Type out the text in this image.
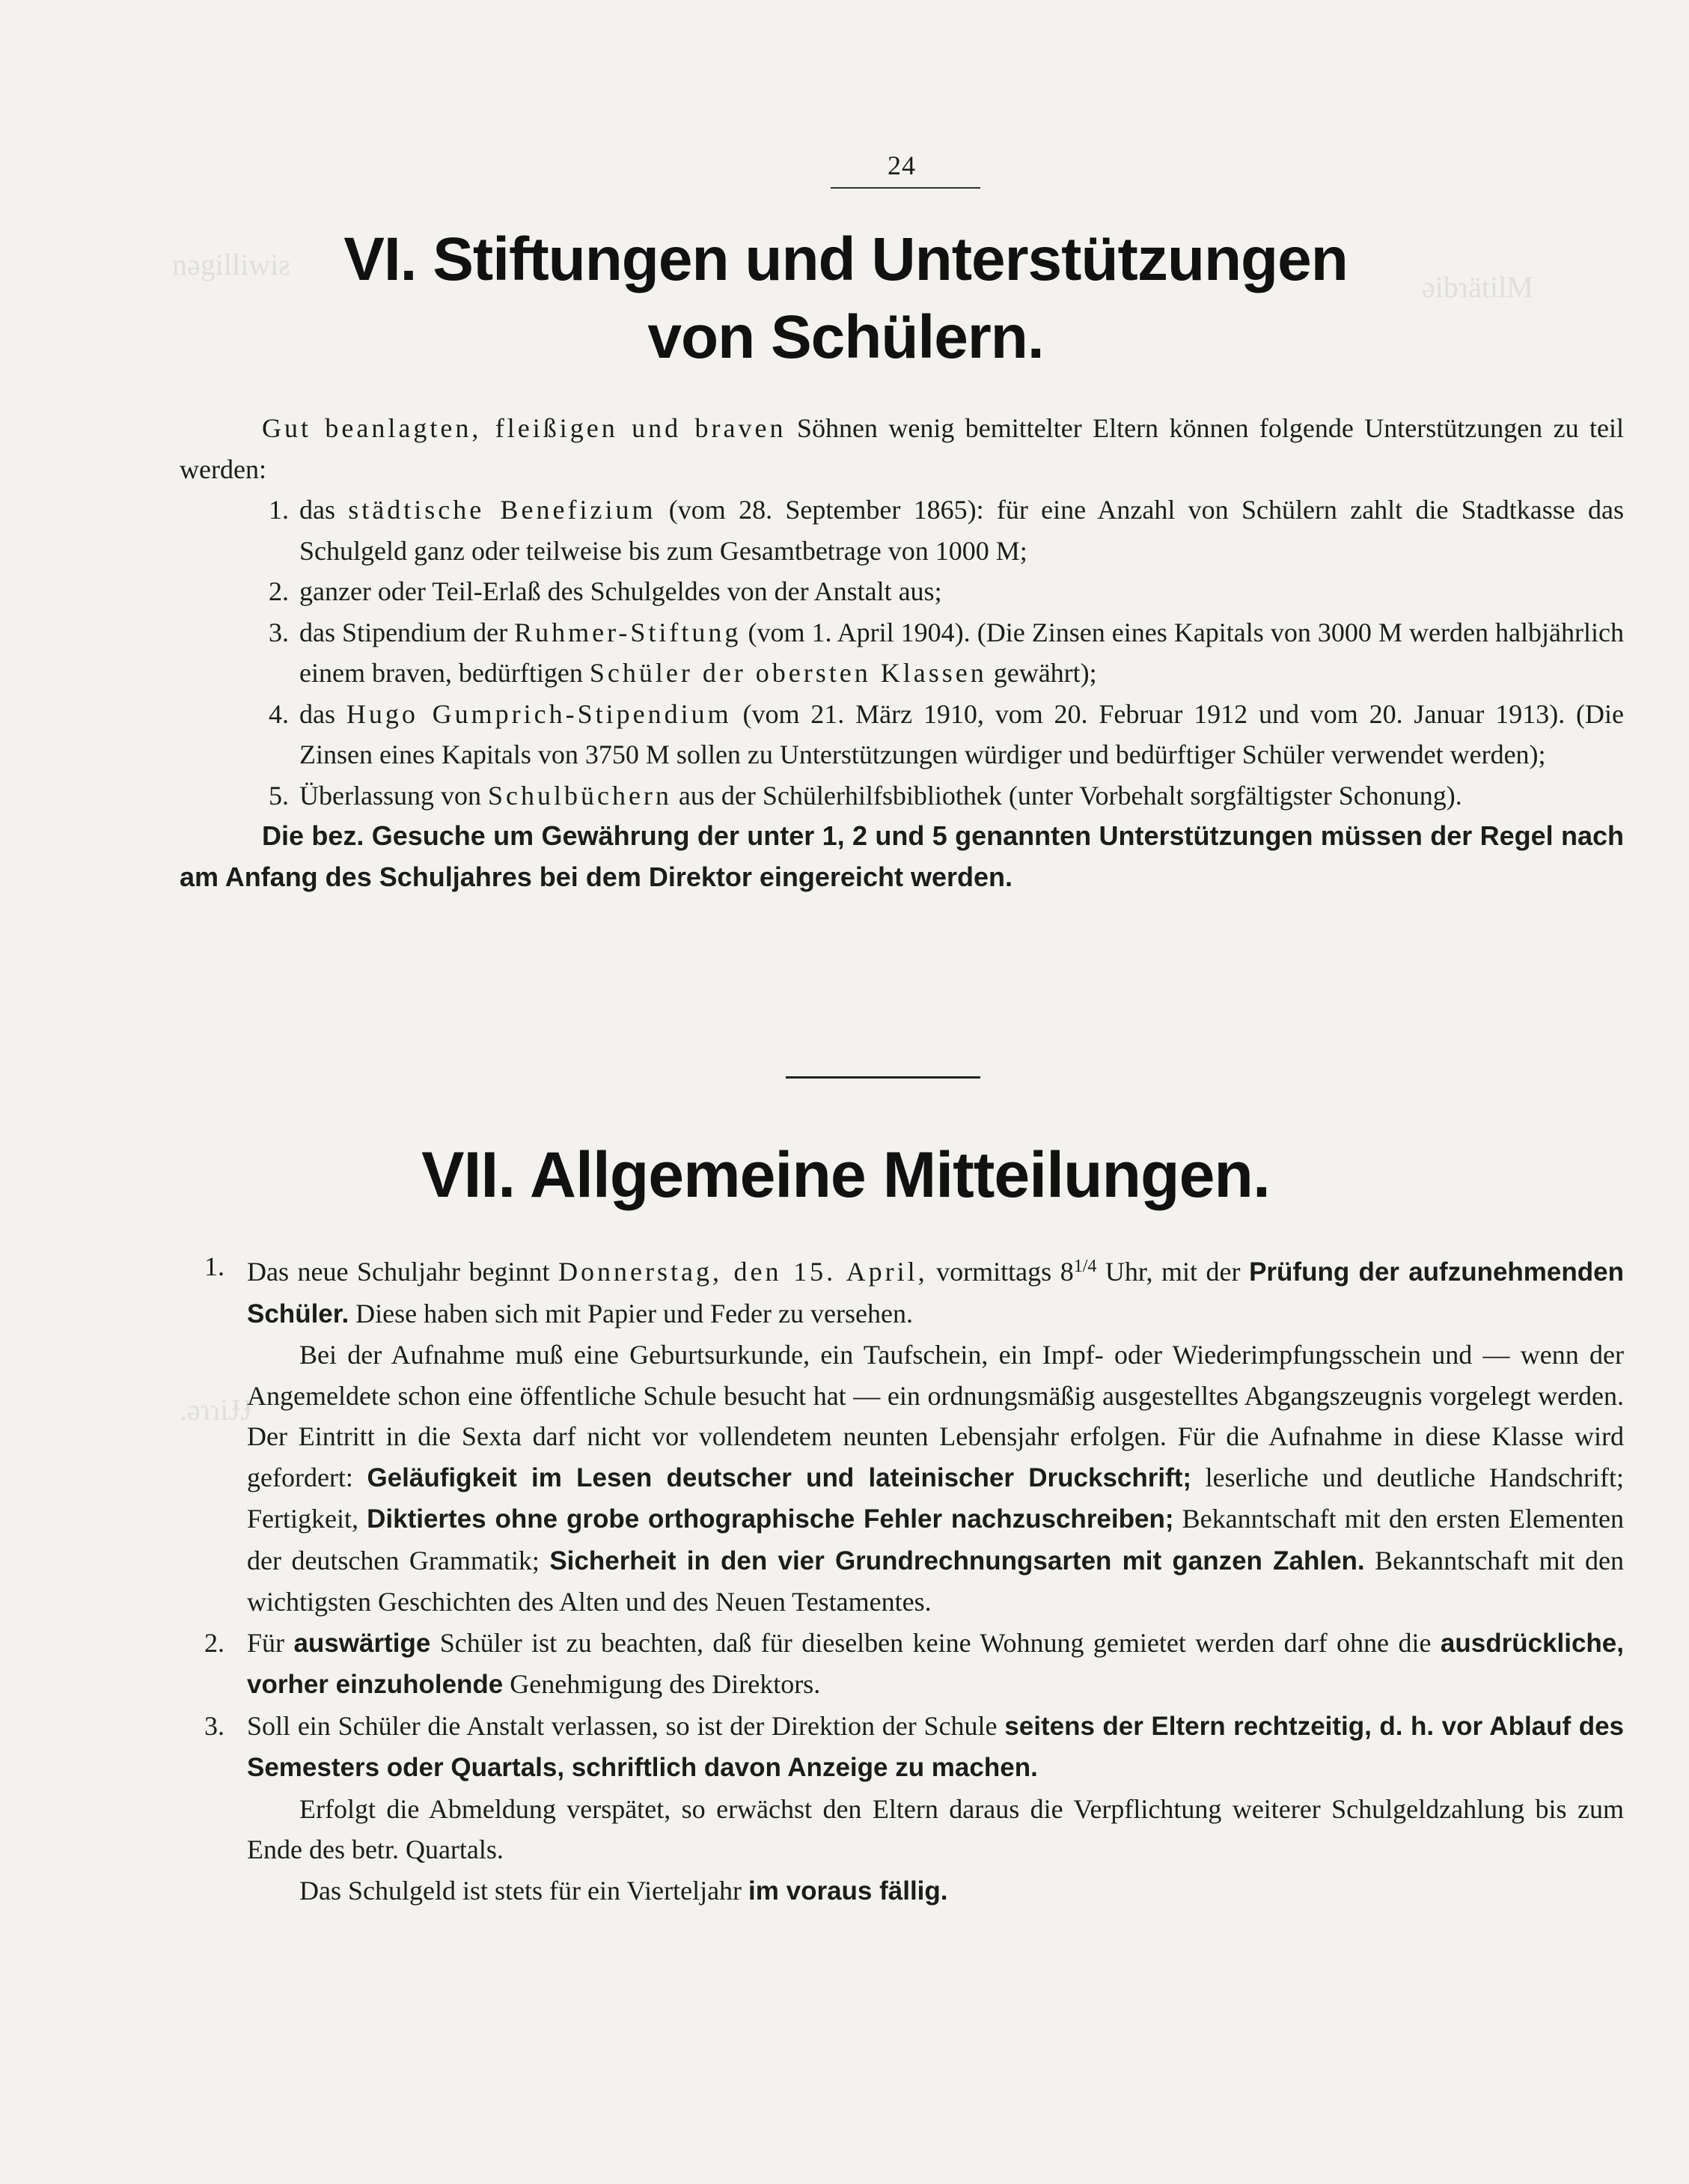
nəgilliwiƨ
əibɿätilM
.əɿɿiɈɈ
24
VI. Stiftungen und Unterstützungen
von Schülern.

Gut beanlagten, fleißigen und braven Söhnen wenig bemittelter Eltern können folgende Unterstützungen zu teil werden:

1. das städtische Benefizium (vom 28. September 1865): für eine Anzahl von Schülern zahlt die Stadtkasse das Schulgeld ganz oder teilweise bis zum Gesamtbetrage von 1000 M;
2. ganzer oder Teil-Erlaß des Schulgeldes von der Anstalt aus;
3. das Stipendium der Ruhmer-Stiftung (vom 1. April 1904). (Die Zinsen eines Kapitals von 3000 M werden halbjährlich einem braven, bedürftigen Schüler der obersten Klassen gewährt);
4. das Hugo Gumprich-Stipendium (vom 21. März 1910, vom 20. Februar 1912 und vom 20. Januar 1913). (Die Zinsen eines Kapitals von 3750 M sollen zu Unterstützungen würdiger und bedürftiger Schüler verwendet werden);
5. Überlassung von Schulbüchern aus der Schülerhilfsbibliothek (unter Vorbehalt sorgfältigster Schonung).

Die bez. Gesuche um Gewährung der unter 1, 2 und 5 genannten Unterstützungen müssen der Regel nach am Anfang des Schuljahres bei dem Direktor eingereicht werden.

VII. Allgemeine Mitteilungen.
1. Das neue Schuljahr beginnt Donnerstag, den 15. April, vormittags $8^{1/4}$ Uhr, mit der Prüfung der aufzunehmenden Schüler. Diese haben sich mit Papier und Feder zu versehen.

Bei der Aufnahme muß eine Geburtsurkunde, ein Taufschein, ein Impf- oder Wiederimpfungsschein und — wenn der Angemeldete schon eine öffentliche Schule besucht hat — ein ordnungsmäßig ausgestelltes Abgangszeugnis vorgelegt werden. Der Eintritt in die Sexta darf nicht vor vollendetem neunten Lebensjahr erfolgen. Für die Aufnahme in diese Klasse wird gefordert: Geläufigkeit im Lesen deutscher und lateinischer Druckschrift; leserliche und deutliche Handschrift; Fertigkeit, Diktiertes ohne grobe orthographische Fehler nachzuschreiben; Bekanntschaft mit den ersten Elementen der deutschen Grammatik; Sicherheit in den vier Grundrechnungsarten mit ganzen Zahlen. Bekanntschaft mit den wichtigsten Geschichten des Alten und des Neuen Testamentes.

2. Für auswärtige Schüler ist zu beachten, daß für dieselben keine Wohnung gemietet werden darf ohne die ausdrückliche, vorher einzuholende Genehmigung des Direktors.
3. Soll ein Schüler die Anstalt verlassen, so ist der Direktion der Schule seitens der Eltern rechtzeitig, d. h. vor Ablauf des Semesters oder Quartals, schriftlich davon Anzeige zu machen.

Erfolgt die Abmeldung verspätet, so erwächst den Eltern daraus die Verpflichtung weiterer Schulgeldzahlung bis zum Ende des betr. Quartals.

Das Schulgeld ist stets für ein Vierteljahr im voraus fällig.
